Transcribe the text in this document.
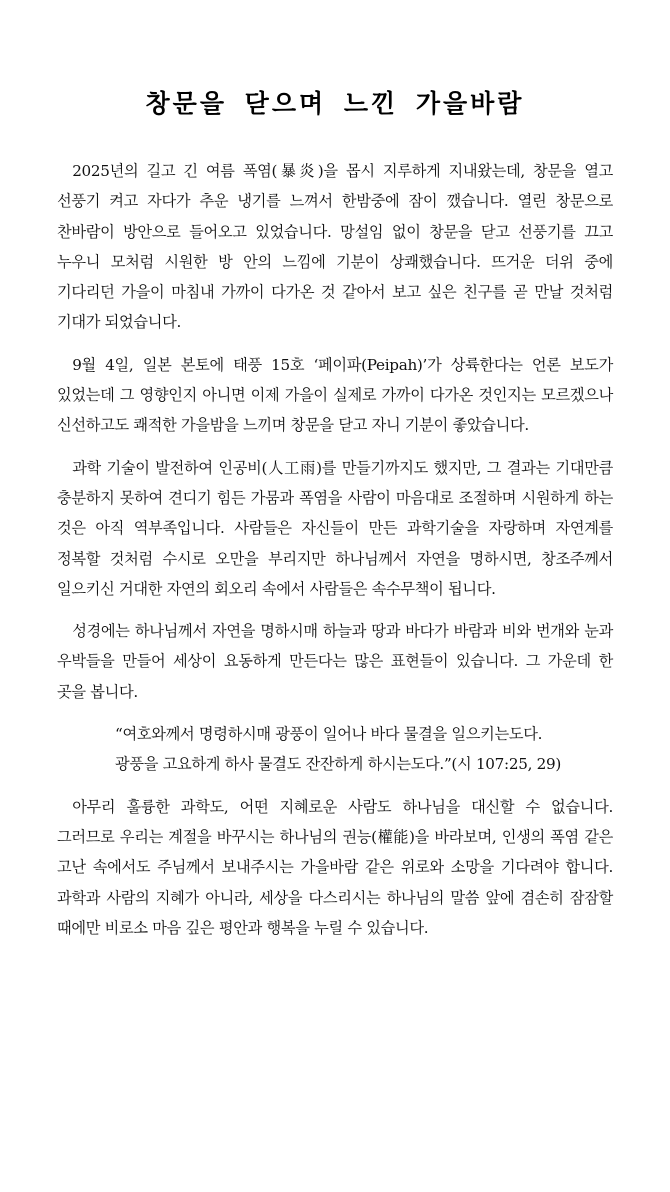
창문을 닫으며 느낀 가을바람

2025년의 길고 긴 여름 폭염(暴炎)을 몹시 지루하게 지내왔는데, 창문을 열고 선풍기 켜고 자다가 추운 냉기를 느껴서 한밤중에 잠이 깼습니다. 열린 창문으로 찬바람이 방안으로 들어오고 있었습니다. 망설임 없이 창문을 닫고 선풍기를 끄고 누우니 모처럼 시원한 방 안의 느낌에 기분이 상쾌했습니다. 뜨거운 더위 중에 기다리던 가을이 마침내 가까이 다가온 것 같아서 보고 싶은 친구를 곧 만날 것처럼 기대가 되었습니다.

9월 4일, 일본 본토에 태풍 15호 ‘페이파(Peipah)’가 상륙한다는 언론 보도가 있었는데 그 영향인지 아니면 이제 가을이 실제로 가까이 다가온 것인지는 모르겠으나 신선하고도 쾌적한 가을밤을 느끼며 창문을 닫고 자니 기분이 좋았습니다.

과학 기술이 발전하여 인공비(人工雨)를 만들기까지도 했지만, 그 결과는 기대만큼 충분하지 못하여 견디기 힘든 가뭄과 폭염을 사람이 마음대로 조절하며 시원하게 하는 것은 아직 역부족입니다. 사람들은 자신들이 만든 과학기술을 자랑하며 자연계를 정복할 것처럼 수시로 오만을 부리지만 하나님께서 자연을 명하시면, 창조주께서 일으키신 거대한 자연의 회오리 속에서 사람들은 속수무책이 됩니다.

성경에는 하나님께서 자연을 명하시매 하늘과 땅과 바다가 바람과 비와 번개와 눈과 우박들을 만들어 세상이 요동하게 만든다는 많은 표현들이 있습니다. 그 가운데 한 곳을 봅니다.

“여호와께서 명령하시매 광풍이 일어나 바다 물결을 일으키는도다.
광풍을 고요하게 하사 물결도 잔잔하게 하시는도다.”(시 107:25, 29)

아무리 훌륭한 과학도, 어떤 지혜로운 사람도 하나님을 대신할 수 없습니다. 그러므로 우리는 계절을 바꾸시는 하나님의 권능(權能)을 바라보며, 인생의 폭염 같은 고난 속에서도 주님께서 보내주시는 가을바람 같은 위로와 소망을 기다려야 합니다. 과학과 사람의 지혜가 아니라, 세상을 다스리시는 하나님의 말씀 앞에 겸손히 잠잠할 때에만 비로소 마음 깊은 평안과 행복을 누릴 수 있습니다.
